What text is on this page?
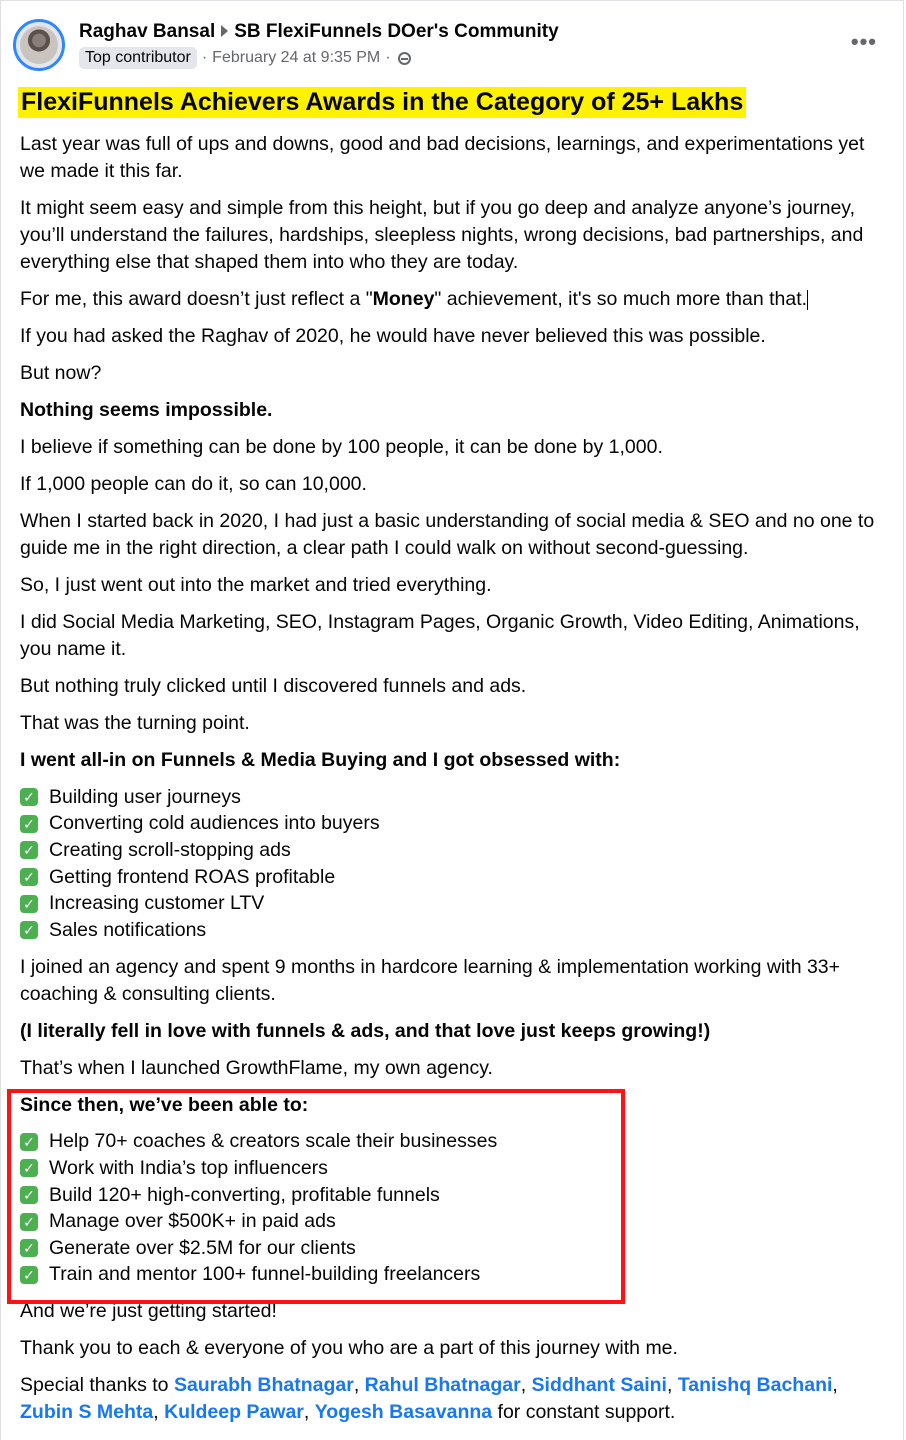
Raghav Bansal SB FlexiFunnels DOer's Community
Top contributor · February 24 at 9:35 PM ·
•••
FlexiFunnels Achievers Awards in the Category of 25+ Lakhs

Last year was full of ups and downs, good and bad decisions, learnings, and experimentations yet we made it this far.

It might seem easy and simple from this height, but if you go deep and analyze anyone’s journey, you’ll understand the failures, hardships, sleepless nights, wrong decisions, bad partnerships, and everything else that shaped them into who they are today.

For me, this award doesn’t just reflect a "Money" achievement, it's so much more than that.

If you had asked the Raghav of 2020, he would have never believed this was possible.

But now?

Nothing seems impossible.

I believe if something can be done by 100 people, it can be done by 1,000.

If 1,000 people can do it, so can 10,000.

When I started back in 2020, I had just a basic understanding of social media & SEO and no one to guide me in the right direction, a clear path I could walk on without second-guessing.

So, I just went out into the market and tried everything.

I did Social Media Marketing, SEO, Instagram Pages, Organic Growth, Video Editing, Animations, you name it.

But nothing truly clicked until I discovered funnels and ads.

That was the turning point.

I went all-in on Funnels & Media Buying and I got obsessed with:

✓ Building user journeys
✓ Converting cold audiences into buyers
✓ Creating scroll-stopping ads
✓ Getting frontend ROAS profitable
✓ Increasing customer LTV
✓ Sales notifications

I joined an agency and spent 9 months in hardcore learning & implementation working with 33+ coaching & consulting clients.

(I literally fell in love with funnels & ads, and that love just keeps growing!)

That’s when I launched GrowthFlame, my own agency.

Since then, we’ve been able to:

✓ Help 70+ coaches & creators scale their businesses
✓ Work with India’s top influencers
✓ Build 120+ high-converting, profitable funnels
✓ Manage over $500K+ in paid ads
✓ Generate over $2.5M for our clients
✓ Train and mentor 100+ funnel-building freelancers

And we’re just getting started!

Thank you to each & everyone of you who are a part of this journey with me.

Special thanks to Saurabh Bhatnagar, Rahul Bhatnagar, Siddhant Saini, Tanishq Bachani, Zubin S Mehta, Kuldeep Pawar, Yogesh Basavanna for constant support.
